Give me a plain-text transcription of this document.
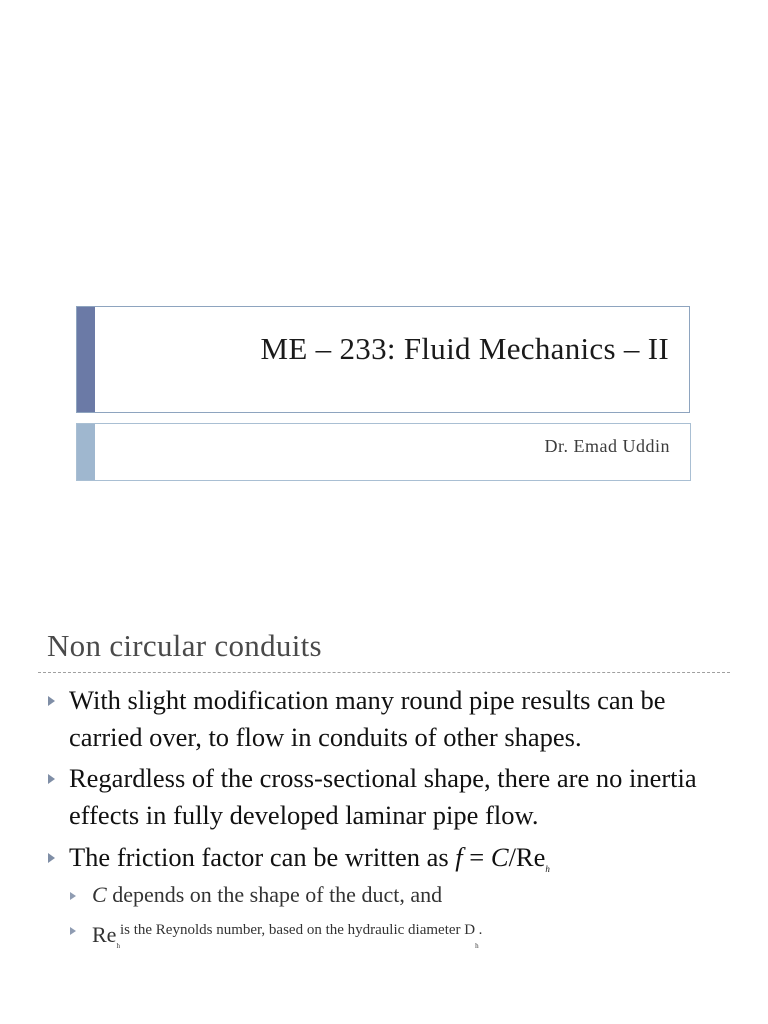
ME – 233: Fluid Mechanics – II
Dr. Emad Uddin
Non circular conduits
With slight modification many round pipe results can be carried over, to flow in conduits of other shapes.
Regardless of the cross-sectional shape, there are no inertia effects in fully developed laminar pipe flow.
The friction factor can be written as $f = C/Re_h$
C depends on the shape of the duct, and
$Re_h^{is the Reynolds number, based on the hydraulic diameter D}_h^.$
